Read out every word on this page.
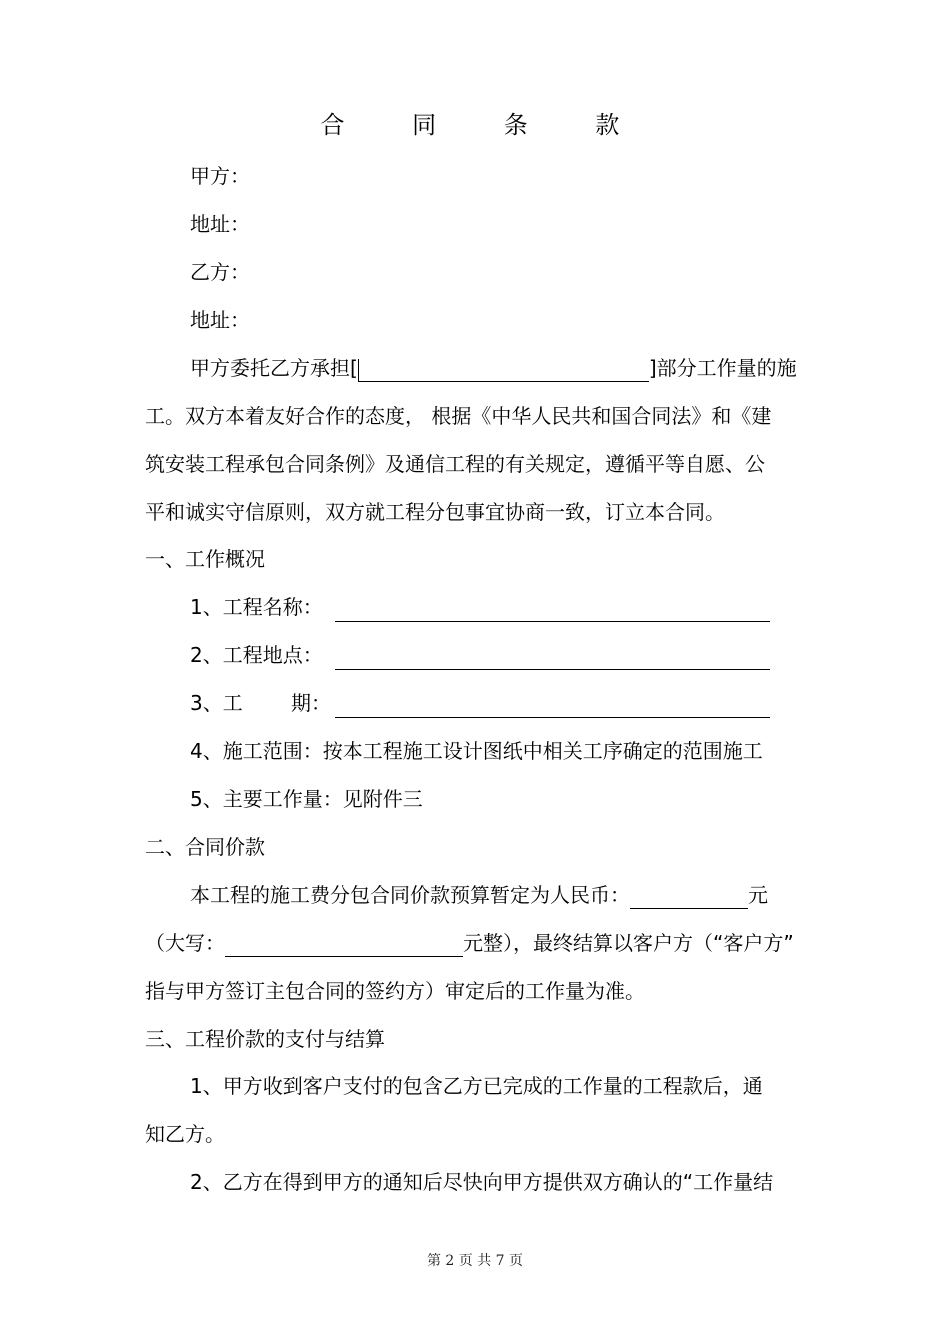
合 同 条 款
甲方：
地址：
乙方：
地址：
甲方委托乙方承担[	]部分工作量的施
工。双方本着友好合作的态度， 根据《中华人民共和国合同法》和《建
筑安装工程承包合同条例》及通信工程的有关规定，遵循平等自愿、公
平和诚实守信原则，双方就工程分包事宜协商一致，订立本合同。
一、工作概况
1、工程名称：
2、工程地点：
3、工 期：
4、施工范围：按本工程施工设计图纸中相关工序确定的范围施工
5、主要工作量：见附件三
二、合同价款
本工程的施工费分包合同价款预算暂定为人民币：	元
（大写：	元整），最终结算以客户方（“客户方”
指与甲方签订主包合同的签约方）审定后的工作量为准。
三、工程价款的支付与结算
1、甲方收到客户支付的包含乙方已完成的工作量的工程款后，通
知乙方。
2、乙方在得到甲方的通知后尽快向甲方提供双方确认的“工作量结
第 2 页 共 7 页
